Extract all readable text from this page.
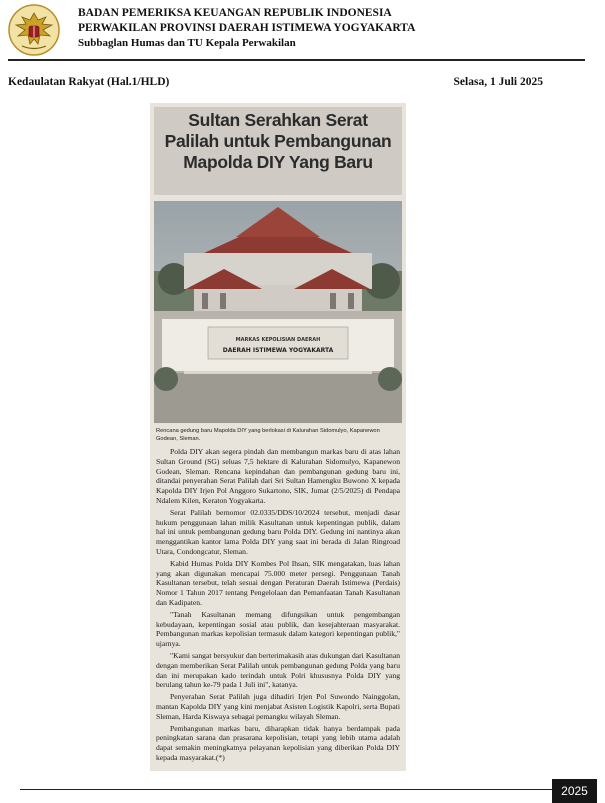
BADAN PEMERIKSA KEUANGAN REPUBLIK INDONESIA
PERWAKILAN PROVINSI DAERAH ISTIMEWA YOGYAKARTA
Subbaglan Humas dan TU Kepala Perwakilan
Kedaulatan Rakyat (Hal.1/HLD)	Selasa, 1 Juli 2025
Sultan Serahkan Serat
Palilah untuk Pembangunan
Mapolda DIY Yang Baru
MARKAS KEPOLISIAN DAERAH
DAERAH ISTIMEWA YOGYAKARTA
Rencana gedung baru Mapolda DIY yang berlokasi di Kalurahan Sidomulyo, Kapanewon Godean, Sleman.

Polda DIY akan segera pindah dan membangun markas baru di atas lahan Sultan Ground (SG) seluas 7,5 hektare di Kalurahan Sidomulyo, Kapanewon Godean, Sleman. Rencana kepindahan dan pembangunan gedung baru ini, ditandai penyerahan Serat Palilah dari Sri Sultan Hamengku Buwono X kepada Kapolda DIY Irjen Pol Anggoro Sukartono, SIK, Jumat (2/5/2025) di Pendapa Ndalem Kilen, Keraton Yogyakarta.

Serat Palilah bernomor 02.0335/DDS/10/2024 tersebut, menjadi dasar hukum penggunaan lahan milik Kasultanan untuk kepentingan publik, dalam hal ini untuk pembangunan gedung baru Polda DIY. Gedung ini nantinya akan menggantikan kantor lama Polda DIY yang saat ini berada di Jalan Ringroad Utara, Condongcatur, Sleman.

Kabid Humas Polda DIY Kombes Pol Ihsan, SIK mengatakan, luas lahan yang akan digunakan mencapai 75.000 meter persegi. Penggunaan Tanah Kasultanan tersebut, telah sesuai dengan Peraturan Daerah Istimewa (Perdais) Nomor 1 Tahun 2017 tentang Pengelolaan dan Pemanfaatan Tanah Kasultanan dan Kadipaten.

"Tanah Kasultanan memang difungsikan untuk pengembangan kebudayaan, kepentingan sosial atau publik, dan kesejahteraan masyarakat. Pembangunan markas kepolisian termasuk dalam kategori kepentingan publik," ujarnya.

"Kami sangat bersyukur dan berterimakasih atas dukungan dari Kasultanan dengan memberikan Serat Palilah untuk pembangunan gedung Polda yang baru dan ini merupakan kado terindah untuk Polri khususnya Polda DIY yang berulang tahun ke-79 pada 1 Juli ini", katanya.

Penyerahan Serat Palilah juga dihadiri Irjen Pol Suwondo Nainggolan, mantan Kapolda DIY yang kini menjabat Asisten Logistik Kapolri, serta Bupati Sleman, Harda Kiswaya sebagai pemangku wilayah Sleman.

Pembangunan markas baru, diharapkan tidak hanya berdampak pada peningkatan sarana dan prasarana kepolisian, tetapi yang lebih utama adalah dapat semakin meningkatnya pelayanan kepolisian yang diberikan Polda DIY kepada masyarakat.(*)

2025
